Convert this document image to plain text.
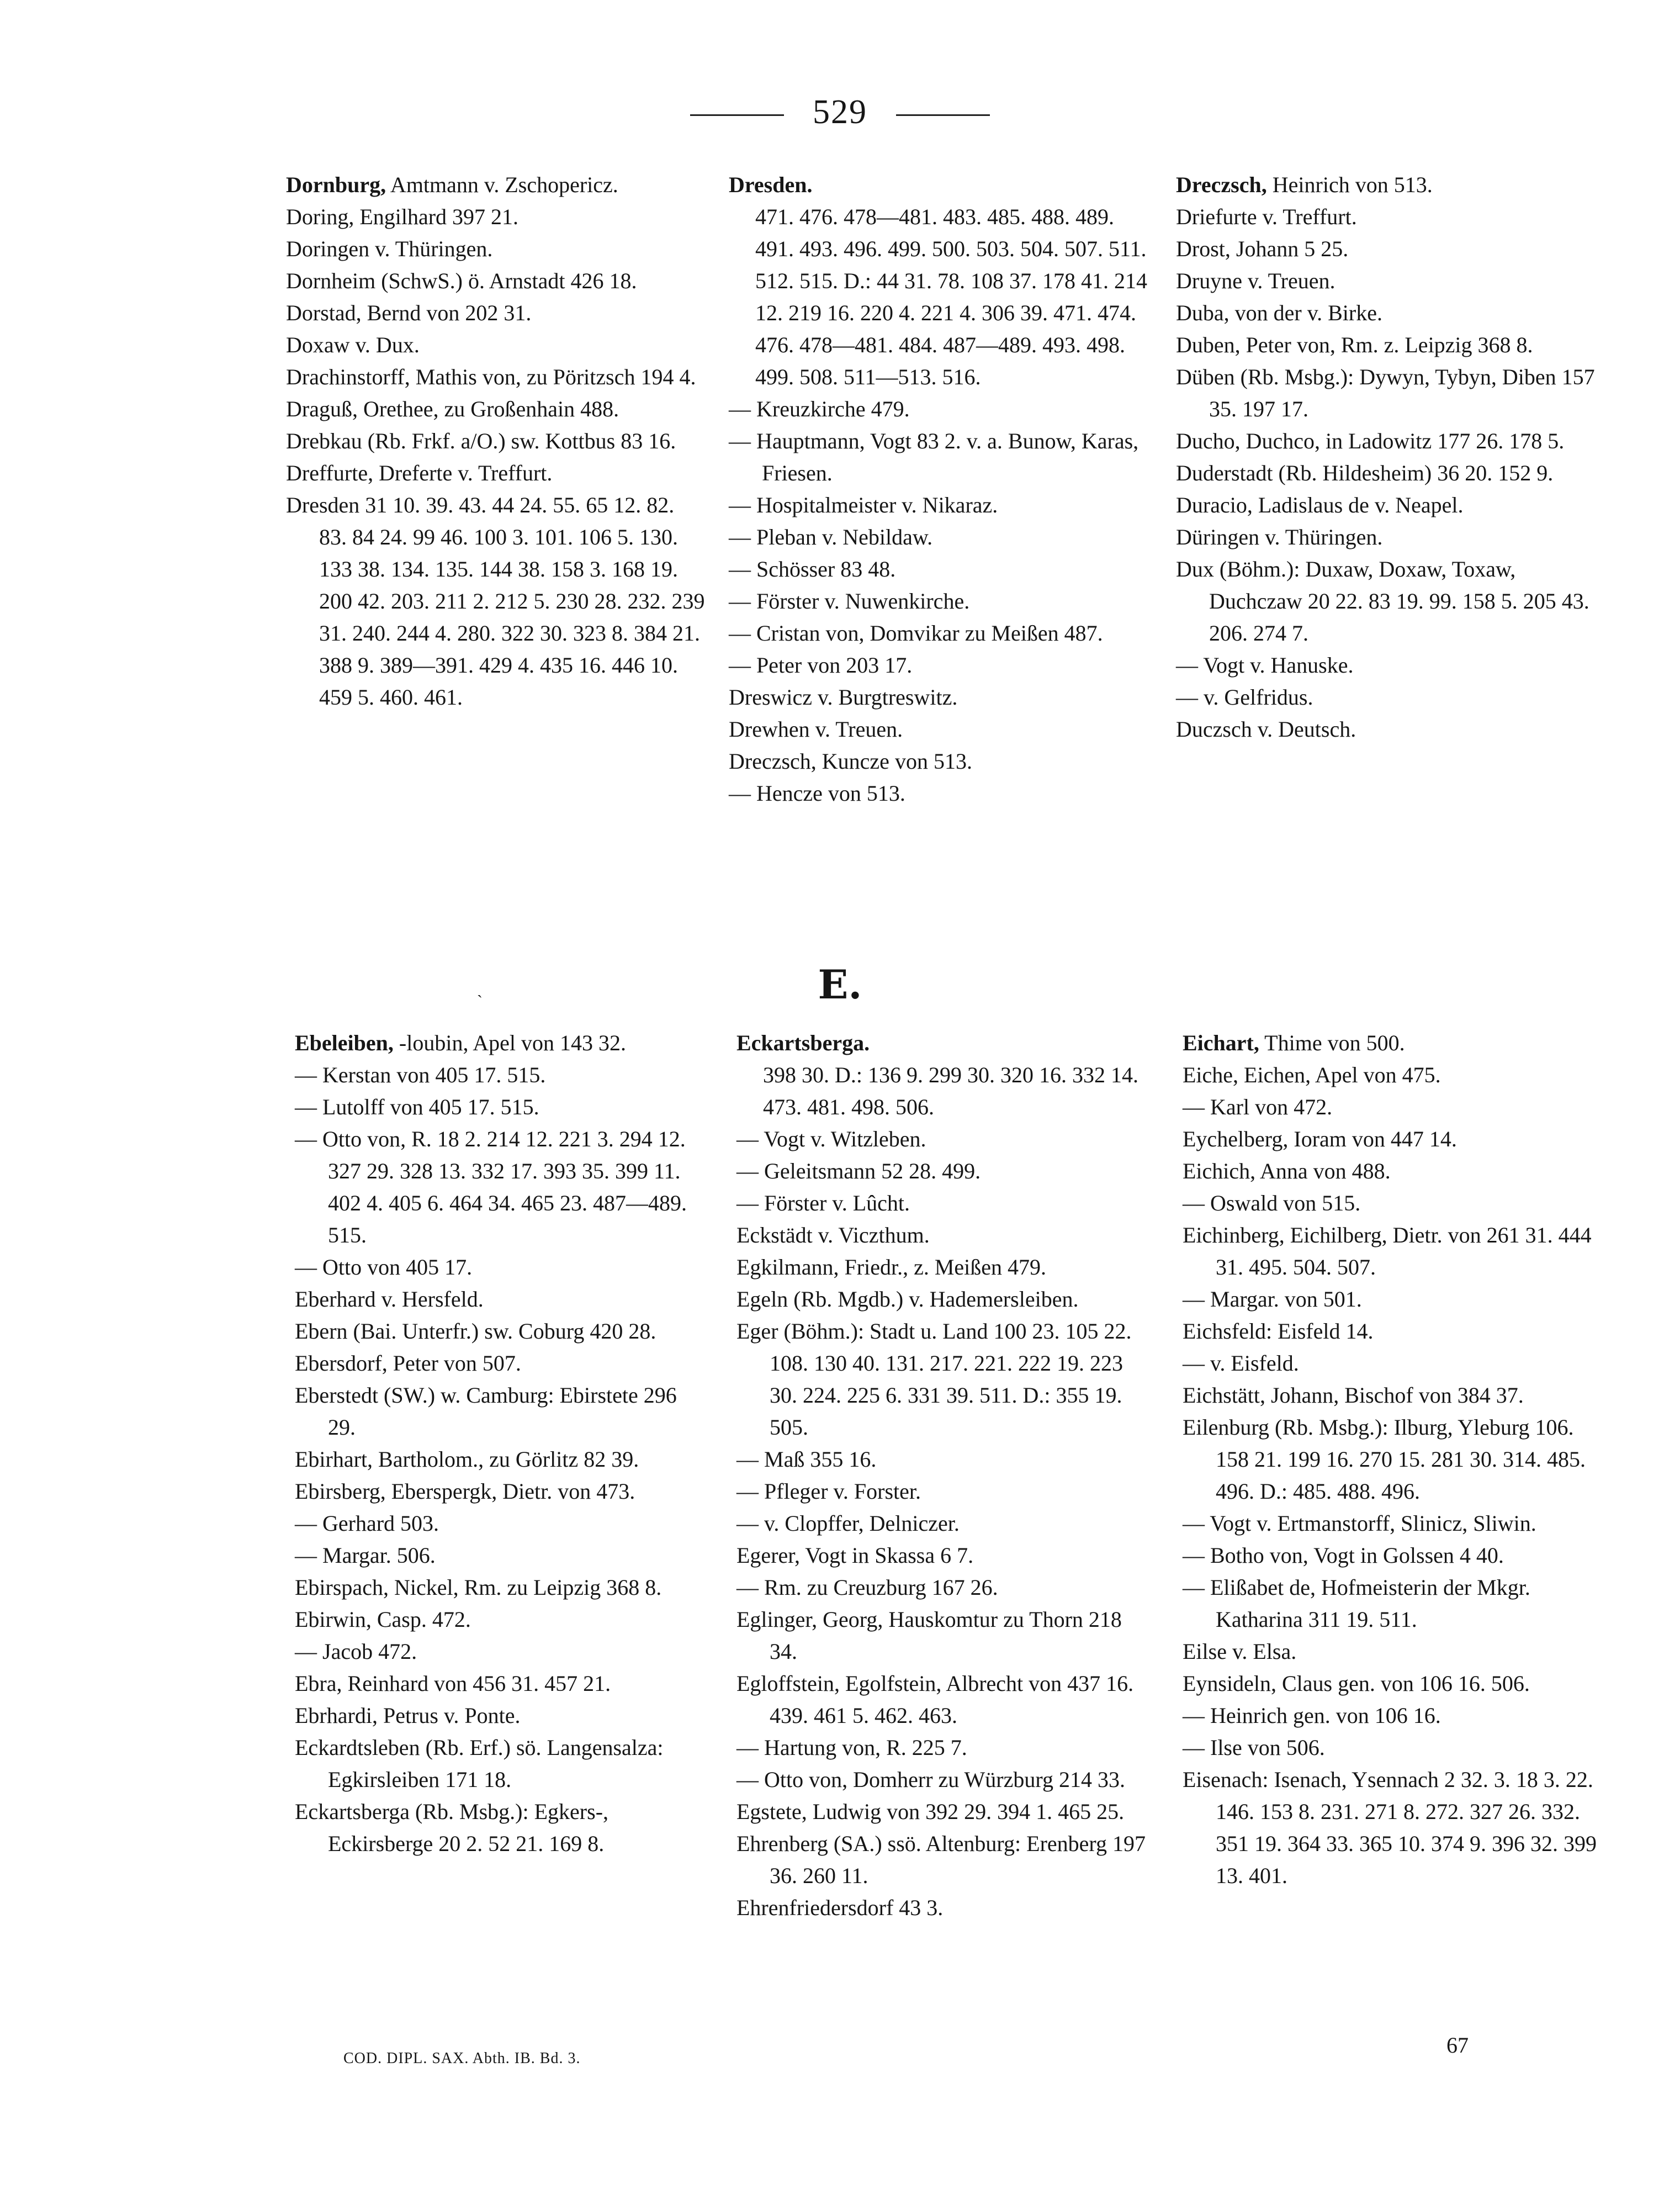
529

Dornburg, Amtmann v. Zschopericz.

Doring, Engilhard 397 21.

Doringen v. Thüringen.

Dornheim (SchwS.) ö. Arnstadt 426 18.

Dorstad, Bernd von 202 31.

Doxaw v. Dux.

Drachinstorff, Mathis von, zu Pöritzsch 194 4.

Draguß, Orethee, zu Großenhain 488.

Drebkau (Rb. Frkf. a/O.) sw. Kottbus 83 16.

Dreffurte, Dreferte v. Treffurt.

Dresden 31 10. 39. 43. 44 24. 55. 65 12. 82. 83. 84 24. 99 46. 100 3. 101. 106 5. 130. 133 38. 134. 135. 144 38. 158 3. 168 19. 200 42. 203. 211 2. 212 5. 230 28. 232. 239 31. 240. 244 4. 280. 322 30. 323 8. 384 21. 388 9. 389—391. 429 4. 435 16. 446 10. 459 5. 460. 461.

Dresden.

471. 476. 478—481. 483. 485. 488. 489. 491. 493. 496. 499. 500. 503. 504. 507. 511. 512. 515. D.: 44 31. 78. 108 37. 178 41. 214 12. 219 16. 220 4. 221 4. 306 39. 471. 474. 476. 478—481. 484. 487—489. 493. 498. 499. 508. 511—513. 516.

— Kreuzkirche 479.

— Hauptmann, Vogt 83 2. v. a. Bunow, Karas, Friesen.

— Hospitalmeister v. Nikaraz.

— Pleban v. Nebildaw.

— Schösser 83 48.

— Förster v. Nuwenkirche.

— Cristan von, Domvikar zu Meißen 487.

— Peter von 203 17.

Dreswicz v. Burgtreswitz.

Drewhen v. Treuen.

Dreczsch, Kuncze von 513.

— Hencze von 513.

Dreczsch, Heinrich von 513.

Driefurte v. Treffurt.

Drost, Johann 5 25.

Druyne v. Treuen.

Duba, von der v. Birke.

Duben, Peter von, Rm. z. Leipzig 368 8.

Düben (Rb. Msbg.): Dywyn, Tybyn, Diben 157 35. 197 17.

Ducho, Duchco, in Ladowitz 177 26. 178 5.

Duderstadt (Rb. Hildesheim) 36 20. 152 9.

Duracio, Ladislaus de v. Neapel.

Düringen v. Thüringen.

Dux (Böhm.): Duxaw, Doxaw, Toxaw, Duchczaw 20 22. 83 19. 99. 158 5. 205 43. 206. 274 7.

— Vogt v. Hanuske.

— v. Gelfridus.

Duczsch v. Deutsch.

ˎ	E.

Ebeleiben, -loubin, Apel von 143 32.

— Kerstan von 405 17. 515.

— Lutolff von 405 17. 515.

— Otto von, R. 18 2. 214 12. 221 3. 294 12. 327 29. 328 13. 332 17. 393 35. 399 11. 402 4. 405 6. 464 34. 465 23. 487—489. 515.

— Otto von 405 17.

Eberhard v. Hersfeld.

Ebern (Bai. Unterfr.) sw. Coburg 420 28.

Ebersdorf, Peter von 507.

Eberstedt (SW.) w. Camburg: Ebirstete 296 29.

Ebirhart, Bartholom., zu Görlitz 82 39.

Ebirsberg, Eberspergk, Dietr. von 473.

— Gerhard 503.

— Margar. 506.

Ebirspach, Nickel, Rm. zu Leipzig 368 8.

Ebirwin, Casp. 472.

— Jacob 472.

Ebra, Reinhard von 456 31. 457 21.

Ebrhardi, Petrus v. Ponte.

Eckardtsleben (Rb. Erf.) sö. Langensalza: Egkirsleiben 171 18.

Eckartsberga (Rb. Msbg.): Egkers-, Eckirsberge 20 2. 52 21. 169 8.

Eckartsberga.

398 30. D.: 136 9. 299 30. 320 16. 332 14. 473. 481. 498. 506.

— Vogt v. Witzleben.

— Geleitsmann 52 28. 499.

— Förster v. Lûcht.

Eckstädt v. Viczthum.

Egkilmann, Friedr., z. Meißen 479.

Egeln (Rb. Mgdb.) v. Hademersleiben.

Eger (Böhm.): Stadt u. Land 100 23. 105 22. 108. 130 40. 131. 217. 221. 222 19. 223 30. 224. 225 6. 331 39. 511. D.: 355 19. 505.

— Maß 355 16.

— Pfleger v. Forster.

— v. Clopffer, Delniczer.

Egerer, Vogt in Skassa 6 7.

— Rm. zu Creuzburg 167 26.

Eglinger, Georg, Hauskomtur zu Thorn 218 34.

Egloffstein, Egolfstein, Albrecht von 437 16. 439. 461 5. 462. 463.

— Hartung von, R. 225 7.

— Otto von, Domherr zu Würzburg 214 33.

Egstete, Ludwig von 392 29. 394 1. 465 25.

Ehrenberg (SA.) ssö. Altenburg: Erenberg 197 36. 260 11.

Ehrenfriedersdorf 43 3.

Eichart, Thime von 500.

Eiche, Eichen, Apel von 475.

— Karl von 472.

Eychelberg, Ioram von 447 14.

Eichich, Anna von 488.

— Oswald von 515.

Eichinberg, Eichilberg, Dietr. von 261 31. 444 31. 495. 504. 507.

— Margar. von 501.

Eichsfeld: Eisfeld 14.

— v. Eisfeld.

Eichstätt, Johann, Bischof von 384 37.

Eilenburg (Rb. Msbg.): Ilburg, Yleburg 106. 158 21. 199 16. 270 15. 281 30. 314. 485. 496. D.: 485. 488. 496.

— Vogt v. Ertmanstorff, Slinicz, Sliwin.

— Botho von, Vogt in Golssen 4 40.

— Elißabet de, Hofmeisterin der Mkgr. Katharina 311 19. 511.

Eilse v. Elsa.

Eynsideln, Claus gen. von 106 16. 506.

— Heinrich gen. von 106 16.

— Ilse von 506.

Eisenach: Isenach, Ysennach 2 32. 3. 18 3. 22. 146. 153 8. 231. 271 8. 272. 327 26. 332. 351 19. 364 33. 365 10. 374 9. 396 32. 399 13. 401.

COD. DIPL. SAX. Abth. IB. Bd. 3.
67
